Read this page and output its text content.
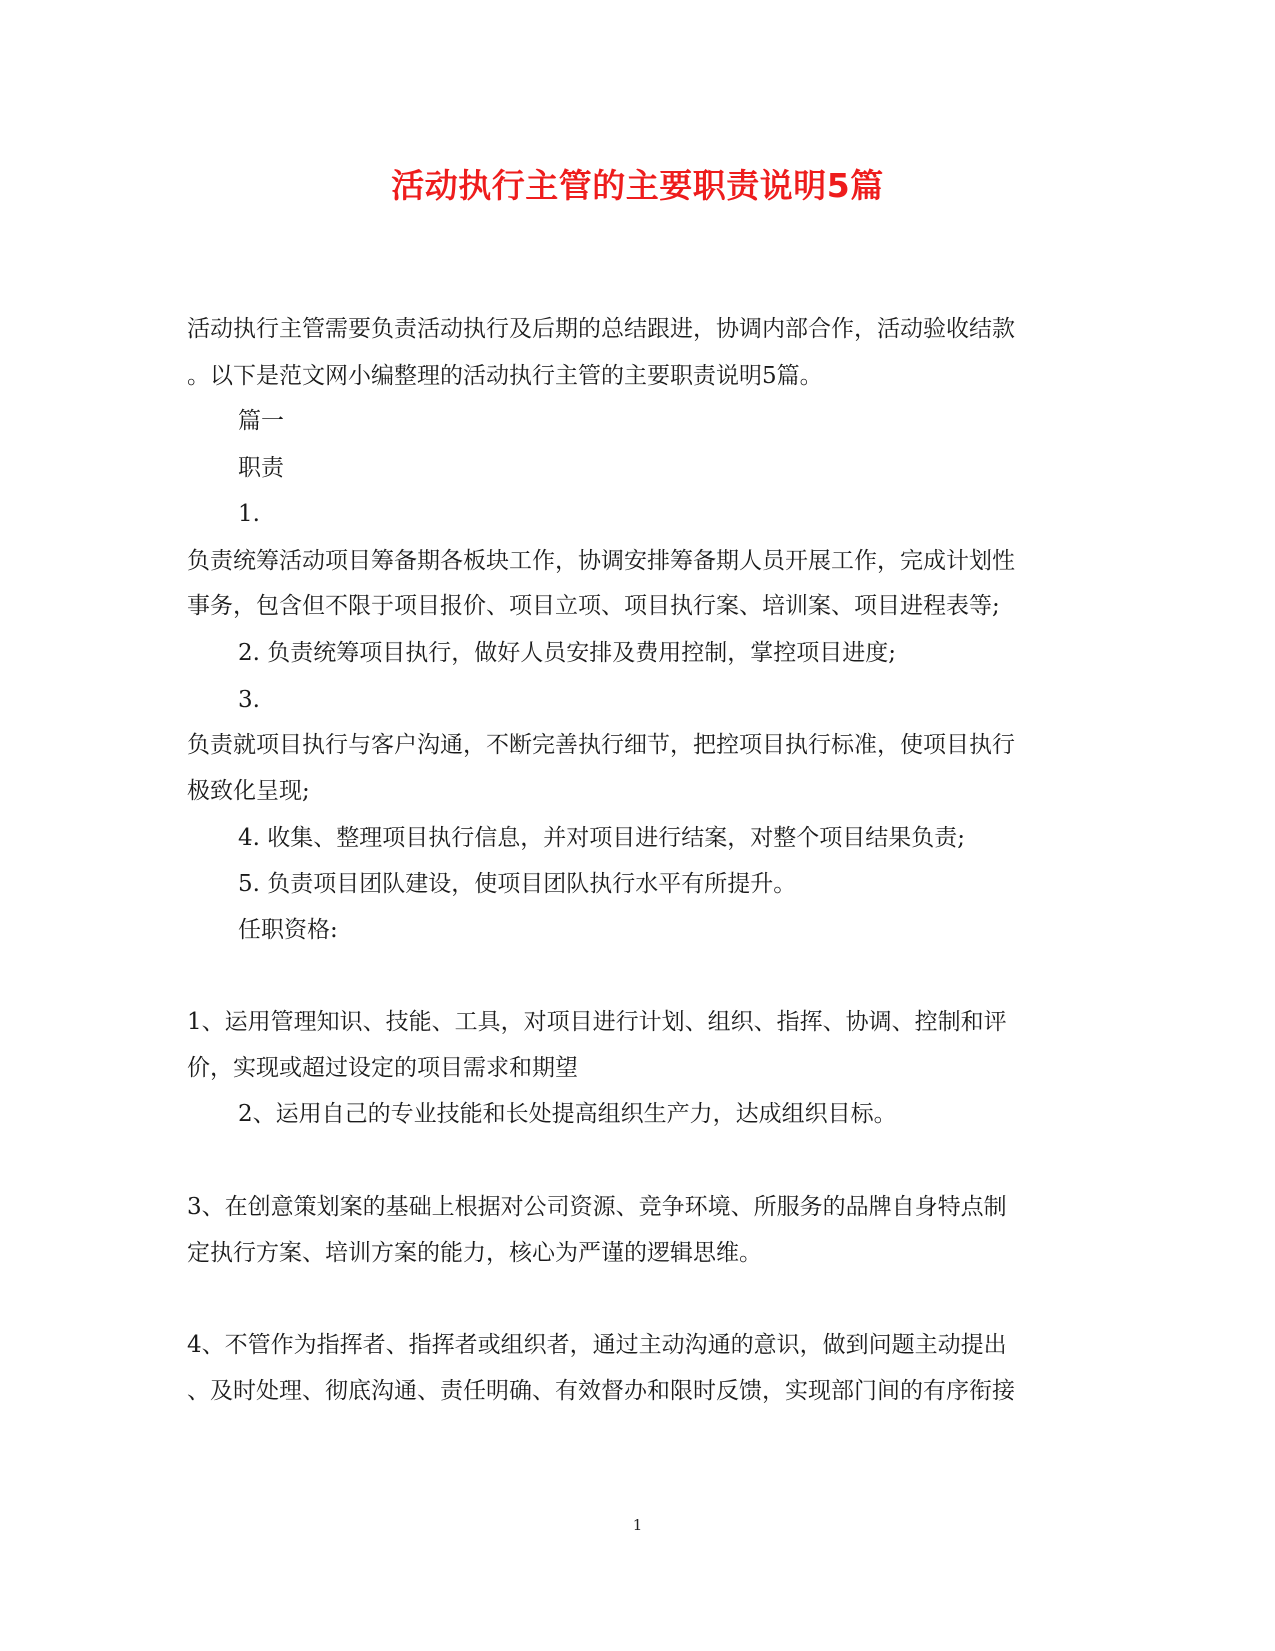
活动执行主管的主要职责说明5篇
活动执行主管需要负责活动执行及后期的总结跟进，协调内部合作，活动验收结款
。以下是范文网小编整理的活动执行主管的主要职责说明5篇。
篇一
职责
1.
负责统筹活动项目筹备期各板块工作，协调安排筹备期人员开展工作，完成计划性
事务，包含但不限于项目报价、项目立项、项目执行案、培训案、项目进程表等;
2. 负责统筹项目执行，做好人员安排及费用控制，掌控项目进度;
3.
负责就项目执行与客户沟通，不断完善执行细节，把控项目执行标准，使项目执行
极致化呈现;
4. 收集、整理项目执行信息，并对项目进行结案，对整个项目结果负责;
5. 负责项目团队建设，使项目团队执行水平有所提升。
任职资格:
1、运用管理知识、技能、工具，对项目进行计划、组织、指挥、协调、控制和评
价，实现或超过设定的项目需求和期望
2、运用自己的专业技能和长处提高组织生产力，达成组织目标。
3、在创意策划案的基础上根据对公司资源、竞争环境、所服务的品牌自身特点制
定执行方案、培训方案的能力，核心为严谨的逻辑思维。
4、不管作为指挥者、指挥者或组织者，通过主动沟通的意识，做到问题主动提出
、及时处理、彻底沟通、责任明确、有效督办和限时反馈，实现部门间的有序衔接
1
